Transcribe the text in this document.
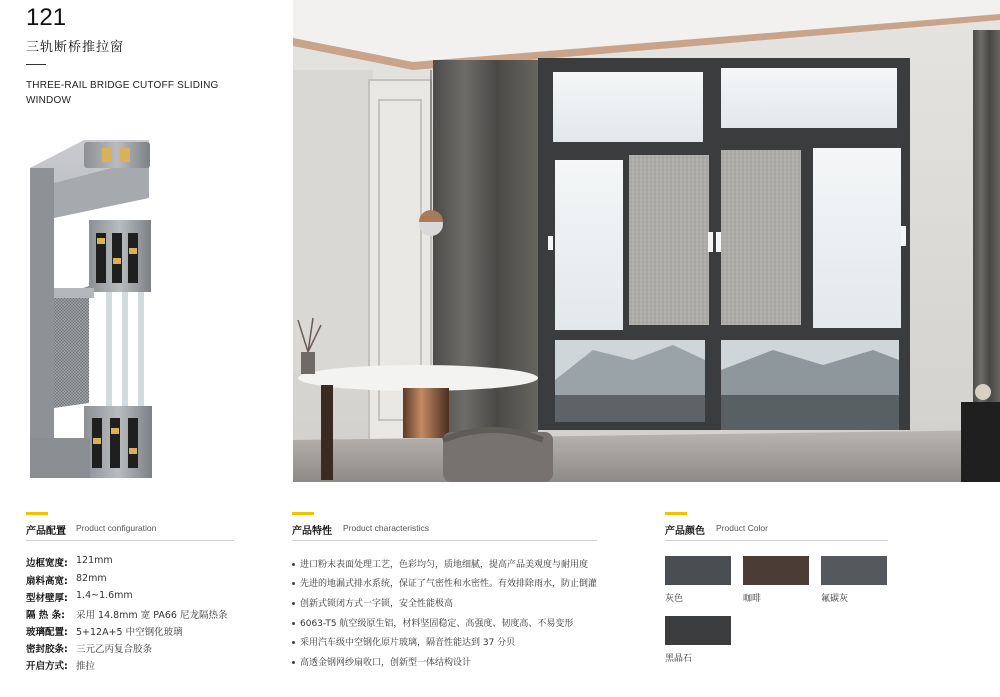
121
三轨断桥推拉窗
THREE-RAIL BRIDGE CUTOFF SLIDING
WINDOW
产品配置 Product configuration
边框宽度: 121mm
扇料高宽: 82mm
型材壁厚: 1.4~1.6mm
隔 热 条: 采用 14.8mm 宽 PA66 尼龙隔热条
玻璃配置: 5+12A+5 中空钢化玻璃
密封胶条: 三元乙丙复合胶条
开启方式: 推拉
产品特性 Product characteristics
进口粉末表面处理工艺，色彩均匀，质地细腻，提高产品美观度与耐用度
先进的地漏式排水系统，保证了气密性和水密性。有效排除雨水，防止倒灌
创新式锁闭方式一字锁，安全性能极高
6063-T5 航空级原生铝，材料坚固稳定、高强度、韧度高、不易变形
采用汽车级中空钢化原片玻璃，隔音性能达到 37 分贝
高透金钢网纱扇收口，创新型一体结构设计
产品颜色 Product Color
灰色	咖啡	氟碳灰
黑晶石
